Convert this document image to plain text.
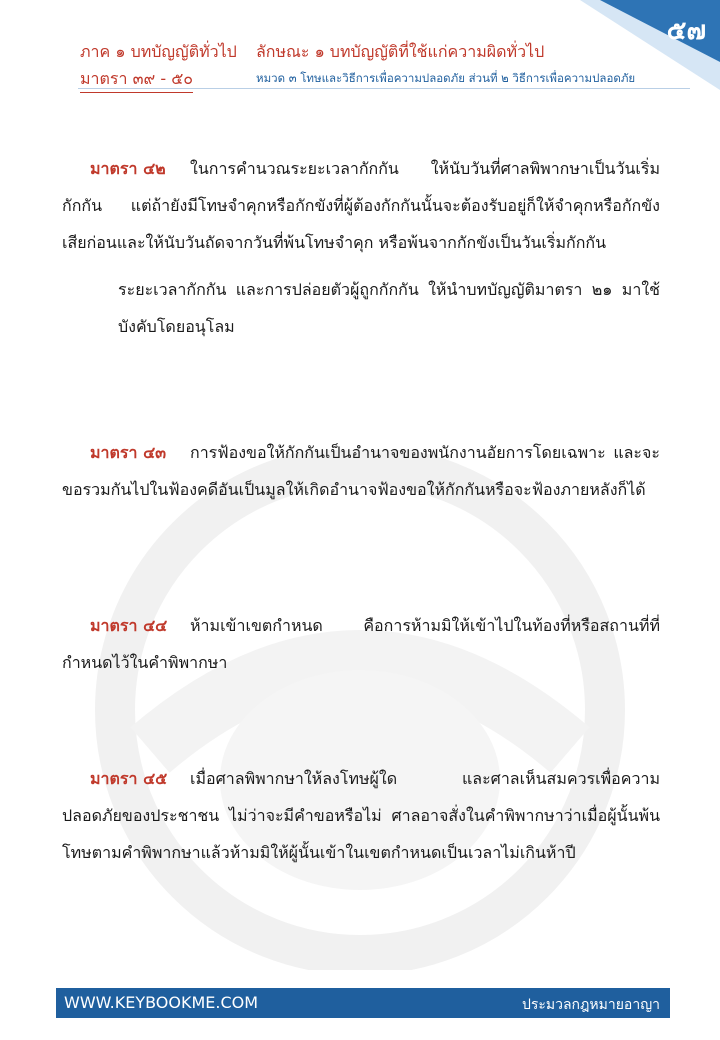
๕๗
ภาค ๑ บทบัญญัติทั่วไป ลักษณะ ๑ บทบัญญัติที่ใช้แก่ความผิดทั่วไป
มาตรา ๓๙ - ๕๐	หมวด ๓ โทษและวิธีการเพื่อความปลอดภัย ส่วนที่ ๒ วิธีการเพื่อความปลอดภัย

มาตรา ๔๒ ในการคำนวณระยะเวลากักกัน ให้นับวันที่ศาลพิพากษาเป็นวันเริ่มกักกัน แต่ถ้ายังมีโทษจำคุกหรือกักขังที่ผู้ต้องกักกันนั้นจะต้องรับอยู่ก็ให้จำคุกหรือกักขังเสียก่อนและให้นับวันถัดจากวันที่พ้นโทษจำคุก หรือพ้นจากกักขังเป็นวันเริ่มกักกัน

ระยะเวลากักกัน และการปล่อยตัวผู้ถูกกักกัน ให้นำบทบัญญัติมาตรา ๒๑ มาใช้บังคับโดยอนุโลม

มาตรา ๔๓ การฟ้องขอให้กักกันเป็นอำนาจของพนักงานอัยการโดยเฉพาะ และจะขอรวมกันไปในฟ้องคดีอันเป็นมูลให้เกิดอำนาจฟ้องขอให้กักกันหรือจะฟ้องภายหลังก็ได้

มาตรา ๔๔ ห้ามเข้าเขตกำหนด คือการห้ามมิให้เข้าไปในท้องที่หรือสถานที่ที่กำหนดไว้ในคำพิพากษา

มาตรา ๔๕ เมื่อศาลพิพากษาให้ลงโทษผู้ใด และศาลเห็นสมควรเพื่อความปลอดภัยของประชาชน ไม่ว่าจะมีคำขอหรือไม่ ศาลอาจสั่งในคำพิพากษาว่าเมื่อผู้นั้นพ้นโทษตามคำพิพากษาแล้วห้ามมิให้ผู้นั้นเข้าในเขตกำหนดเป็นเวลาไม่เกินห้าปี

WWW.KEYBOOKME.COM	ประมวลกฎหมายอาญา
